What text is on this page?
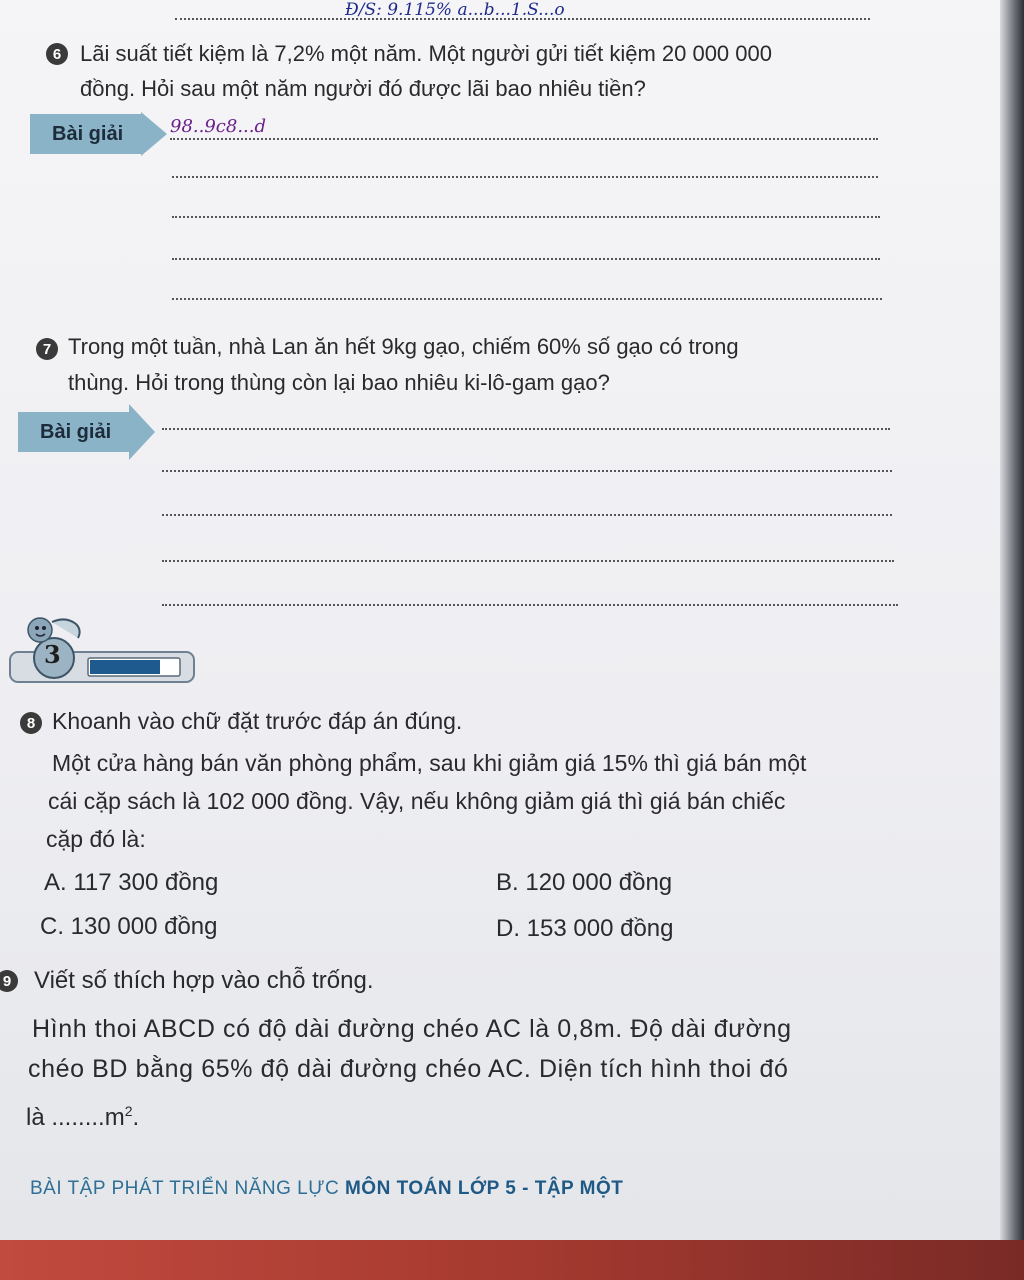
Đ/S: 9.115% a...b...1.S...o
6 Lãi suất tiết kiệm là 7,2% một năm. Một người gửi tiết kiệm 20 000 000
đồng. Hỏi sau một năm người đó được lãi bao nhiêu tiền?
Bài giải	98..9c8...d
7 Trong một tuần, nhà Lan ăn hết 9kg gạo, chiếm 60% số gạo có trong
thùng. Hỏi trong thùng còn lại bao nhiêu ki-lô-gam gạo?
Bài giải
3
8 Khoanh vào chữ đặt trước đáp án đúng.
Một cửa hàng bán văn phòng phẩm, sau khi giảm giá 15% thì giá bán một
cái cặp sách là 102 000 đồng. Vậy, nếu không giảm giá thì giá bán chiếc
cặp đó là:
A. 117 300 đồng	B. 120 000 đồng
C. 130 000 đồng	D. 153 000 đồng
9 Viết số thích hợp vào chỗ trống.
Hình thoi ABCD có độ dài đường chéo AC là 0,8m. Độ dài đường
chéo BD bằng 65% độ dài đường chéo AC. Diện tích hình thoi đó
là $........m^2$.
BÀI TẬP PHÁT TRIỂN NĂNG LỰC MÔN TOÁN LỚP 5 - TẬP MỘT
